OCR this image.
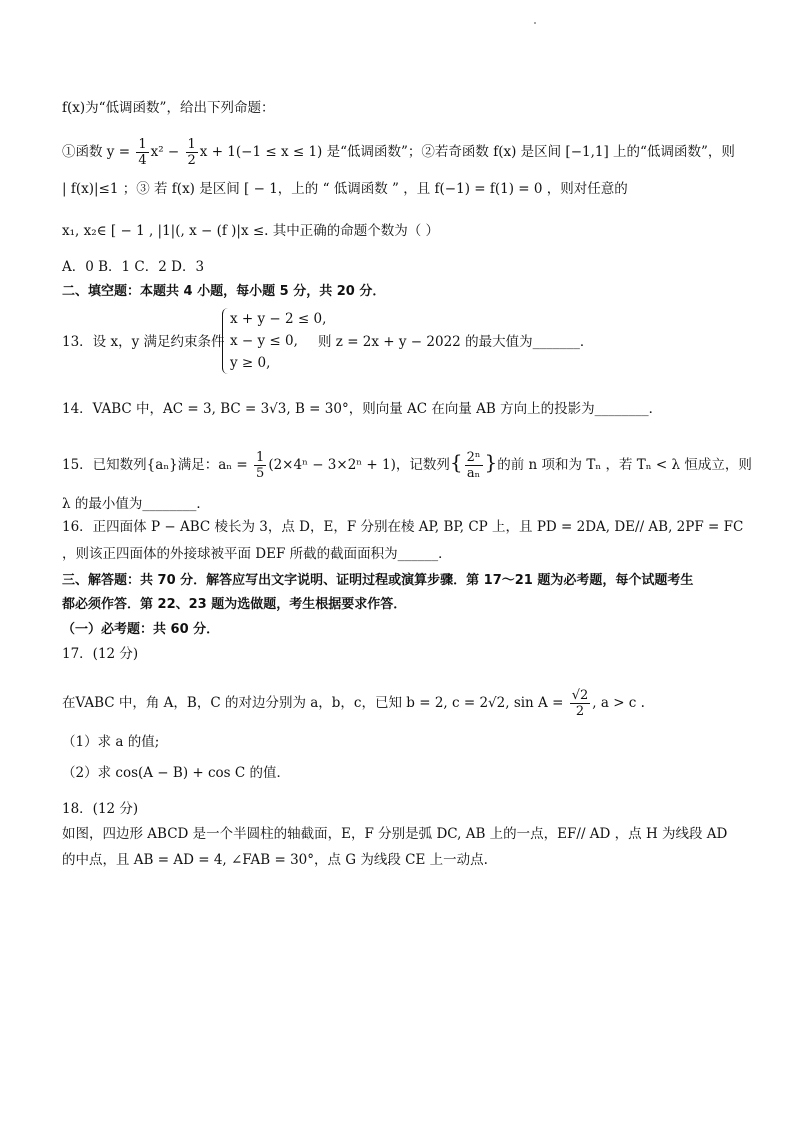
f(x)为“低调函数”，给出下列命题：
①函数 $y = \frac{1}{4} x^2 - \frac{1}{2}$ x + 1(−1 ≤ x ≤ 1) 是“低调函数”；②若奇函数 f(x) 是区间 [−1,1] 上的“低调函数”，则
| f(x)|≤1 ；③ 若 f(x) 是区间 [ − 1，上的 “ 低调函数 ” ，且 f(−1) = f(1) = 0 ，则对任意的
x₁, x₂∈ [ − 1 , |1|(, x − (f )|x ≤. 其中正确的命题个数为（ ）
A．0 B．1 C．2 D．3
二、填空题：本题共 4 小题，每小题 5 分，共 20 分．
13．设 x，y 满足约束条件
x + y − 2 ≤ 0,
x − y ≤ 0,
y ≥ 0,
则 z = 2x + y − 2022 的最大值为_______．
14．VABC 中，AC = 3, BC = 3√3, B = 30°，则向量 AC 在向量 AB 方向上的投影为________．
15．已知数列{aₙ}满足：$a_n = \frac{1}{5} (2\times 4^n - 3\times 2^n + 1)$，记数列{ $\frac{\text{2ⁿ}}{\text{aₙ}}$ }的前 n 项和为 Tₙ ，若 Tₙ < λ 恒成立，则
λ 的最小值为________．
16．正四面体 P − ABC 棱长为 3，点 D，E，F 分别在棱 AP, BP, CP 上，且 PD = 2DA, DE// AB, 2PF = FC
，则该正四面体的外接球被平面 DEF 所截的截面面积为______．
三、解答题：共 70 分．解答应写出文字说明、证明过程或演算步骤．第 17～21 题为必考题，每个试题考生
都必须作答．第 22、23 题为选做题，考生根据要求作答．
（一）必考题：共 60 分．
17．(12 分)
在VABC 中，角 A，B，C 的对边分别为 a，b，c，已知 b = 2, c = 2√2, $\sin A = \frac{√2}{2}$ , a > c .
（1）求 a 的值;
（2）求 cos(A − B) + cos C 的值．
18．(12 分)
如图，四边形 ABCD 是一个半圆柱的轴截面，E，F 分别是弧 DC, AB 上的一点，EF// AD ，点 H 为线段 AD
的中点，且 AB = AD = 4, ∠FAB = 30°，点 G 为线段 CE 上一动点.
